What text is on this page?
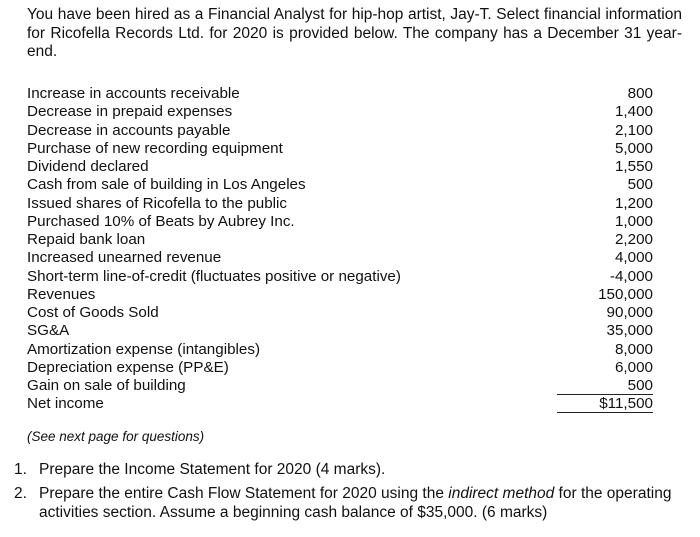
You have been hired as a Financial Analyst for hip-hop artist, Jay-T. Select financial information for Ricofella Records Ltd. for 2020 is provided below. The company has a December 31 year- end.
Increase in accounts receivable	800
Decrease in prepaid expenses	1,400
Decrease in accounts payable	2,100
Purchase of new recording equipment	5,000
Dividend declared	1,550
Cash from sale of building in Los Angeles	500
Issued shares of Ricofella to the public	1,200
Purchased 10% of Beats by Aubrey Inc.	1,000
Repaid bank loan	2,200
Increased unearned revenue	4,000
Short-term line-of-credit (fluctuates positive or negative)	-4,000
Revenues	150,000
Cost of Goods Sold	90,000
SG&A	35,000
Amortization expense (intangibles)	8,000
Depreciation expense (PP&E)	6,000
Gain on sale of building	500
Net income	$11,500
(See next page for questions)
1. Prepare the Income Statement for 2020 (4 marks).
2. Prepare the entire Cash Flow Statement for 2020 using the indirect method for the operating activities section. Assume a beginning cash balance of $35,000. (6 marks)
